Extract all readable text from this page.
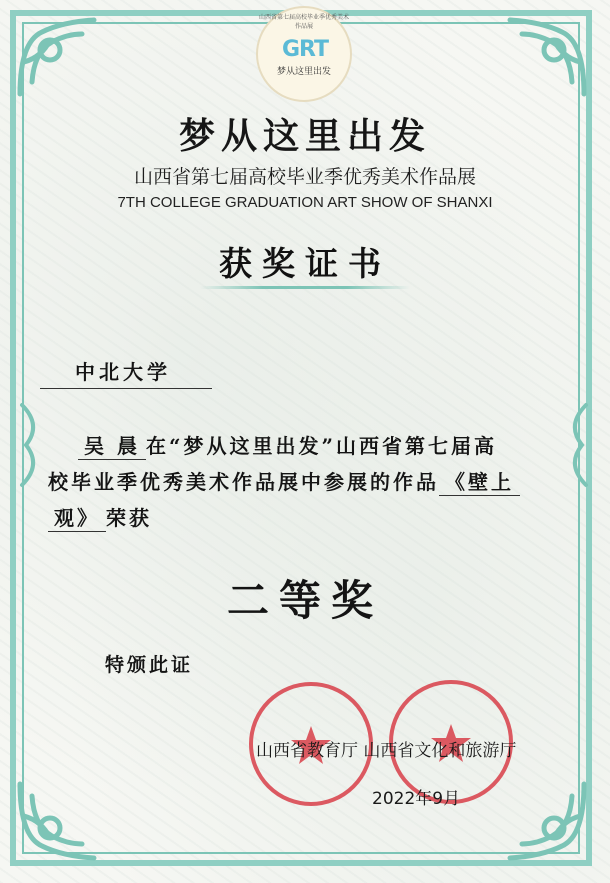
山西省第七届高校毕业季优秀美术作品展
GRT
梦从这里出发
梦从这里出发
山西省第七届高校毕业季优秀美术作品展
7TH COLLEGE GRADUATION ART SHOW OF SHANXI
获奖证书
中北大学
吴 晨 在“梦从这里出发”山西省第七届高
校毕业季优秀美术作品展中参展的作品 《壁上
观》 荣获
二等奖
特颁此证
山西省教育厅 山西省文化和旅游厅
2022年9月
